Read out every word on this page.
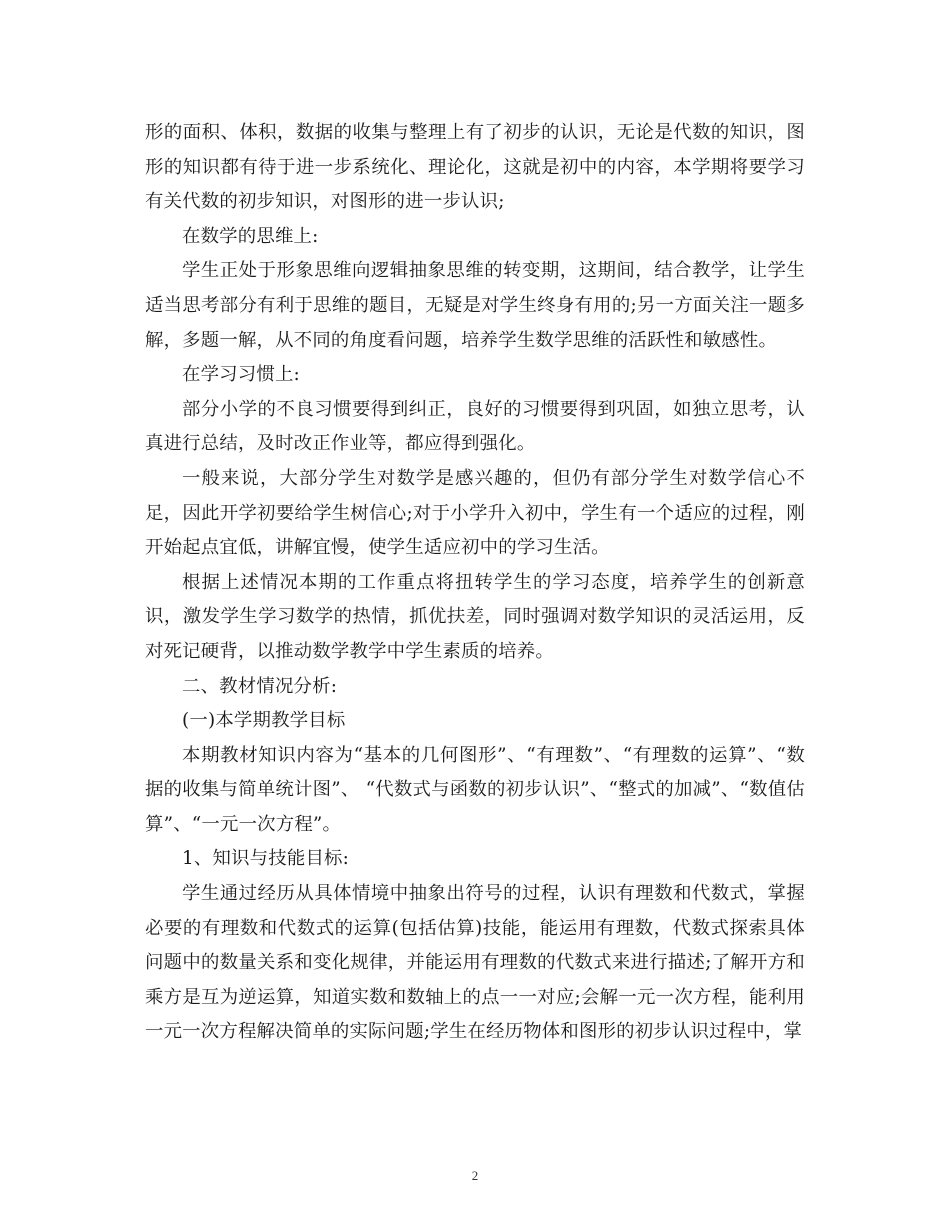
形的面积、体积，数据的收集与整理上有了初步的认识，无论是代数的知识，图形的知识都有待于进一步系统化、理论化，这就是初中的内容，本学期将要学习有关代数的初步知识，对图形的进一步认识;

在数学的思维上:

学生正处于形象思维向逻辑抽象思维的转变期，这期间，结合教学，让学生适当思考部分有利于思维的题目，无疑是对学生终身有用的;另一方面关注一题多解，多题一解，从不同的角度看问题，培养学生数学思维的活跃性和敏感性。

在学习习惯上:

部分小学的不良习惯要得到纠正，良好的习惯要得到巩固，如独立思考，认真进行总结，及时改正作业等，都应得到强化。

一般来说，大部分学生对数学是感兴趣的，但仍有部分学生对数学信心不足，因此开学初要给学生树信心;对于小学升入初中，学生有一个适应的过程，刚开始起点宜低，讲解宜慢，使学生适应初中的学习生活。

根据上述情况本期的工作重点将扭转学生的学习态度，培养学生的创新意识，激发学生学习数学的热情，抓优扶差，同时强调对数学知识的灵活运用，反对死记硬背，以推动数学教学中学生素质的培养。

二、教材情况分析:

(一)本学期教学目标

本期教材知识内容为“基本的几何图形”、“有理数”、“有理数的运算”、“数据的收集与简单统计图”、 “代数式与函数的初步认识”、“整式的加减”、“数值估算”、“一元一次方程”。

1、知识与技能目标:

学生通过经历从具体情境中抽象出符号的过程，认识有理数和代数式，掌握必要的有理数和代数式的运算(包括估算)技能，能运用有理数，代数式探索具体问题中的数量关系和变化规律，并能运用有理数的代数式来进行描述;了解开方和乘方是互为逆运算，知道实数和数轴上的点一一对应;会解一元一次方程，能利用一元一次方程解决简单的实际问题;学生在经历物体和图形的初步认识过程中，掌

2
